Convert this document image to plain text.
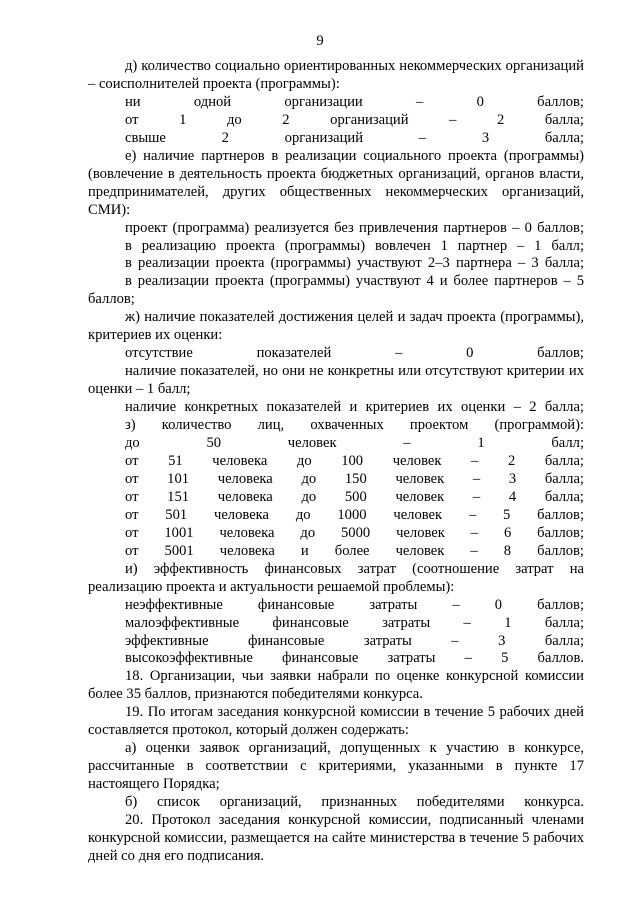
9

д) количество социально ориентированных некоммерческих организаций – соисполнителей проекта (программы):

ни одной организации – 0 баллов;

от 1 до 2 организаций – 2 балла;

свыше 2 организаций – 3 балла;

е) наличие партнеров в реализации социального проекта (программы) (вовлечение в деятельность проекта бюджетных организаций, органов власти, предпринимателей, других общественных некоммерческих организаций, СМИ):

проект (программа) реализуется без привлечения партнеров – 0 баллов;

в реализацию проекта (программы) вовлечен 1 партнер – 1 балл;

в реализации проекта (программы) участвуют 2–3 партнера – 3 балла;

в реализации проекта (программы) участвуют 4 и более партнеров – 5 баллов;

ж) наличие показателей достижения целей и задач проекта (программы), критериев их оценки:

отсутствие показателей – 0 баллов;

наличие показателей, но они не конкретны или отсутствуют критерии их оценки – 1 балл;

наличие конкретных показателей и критериев их оценки – 2 балла;

з) количество лиц, охваченных проектом (программой):

до 50 человек – 1 балл;

от 51 человека до 100 человек – 2 балла;

от 101 человека до 150 человек – 3 балла;

от 151 человека до 500 человек – 4 балла;

от 501 человека до 1000 человек – 5 баллов;

от 1001 человека до 5000 человек – 6 баллов;

от 5001 человека и более человек – 8 баллов;

и) эффективность финансовых затрат (соотношение затрат на реализацию проекта и актуальности решаемой проблемы):

неэффективные финансовые затраты – 0 баллов;

малоэффективные финансовые затраты – 1 балла;

эффективные финансовые затраты – 3 балла;

высокоэффективные финансовые затраты – 5 баллов.

18. Организации, чьи заявки набрали по оценке конкурсной комиссии более 35 баллов, признаются победителями конкурса.

19. По итогам заседания конкурсной комиссии в течение 5 рабочих дней составляется протокол, который должен содержать:

а) оценки заявок организаций, допущенных к участию в конкурсе, рассчитанные в соответствии с критериями, указанными в пункте 17 настоящего Порядка;

б) список организаций, признанных победителями конкурса.

20. Протокол заседания конкурсной комиссии, подписанный членами конкурсной комиссии, размещается на сайте министерства в течение 5 рабочих дней со дня его подписания.
